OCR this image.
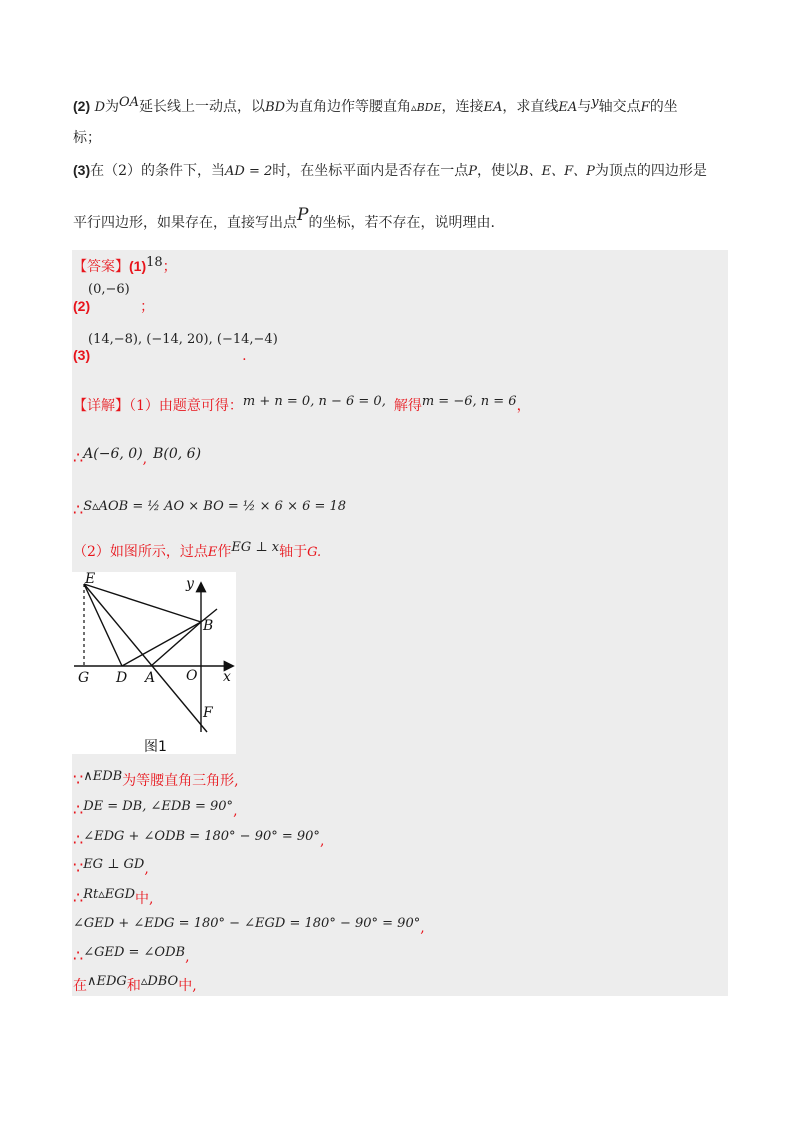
(2) D为OA延长线上一动点，以BD为直角边作等腰直角▵BDE，连接EA，求直线EA与y轴交点F的坐
标；
(3)在（2）的条件下，当AD = 2时，在坐标平面内是否存在一点P，使以B、E、F、P为顶点的四边形是
平行四边形，如果存在，直接写出点P的坐标，若不存在，说明理由.
【答案】(1)18；
(0,−6)
(2)	；
(14,−8), (−14, 20), (−14,−4)
(3)	.
【详解】（1）由题意可得：m + n = 0, n − 6 = 0, 解得m = −6, n = 6，
∴A(−6, 0), B(0, 6)
∴S▵AOB = ½ AO × BO = ½ × 6 × 6 = 18
（2）如图所示，过点E作EG ⊥ x轴于G.
E	y
B
G D A O x
F
图1
∵∧EDB为等腰直角三角形,
∴DE = DB, ∠EDB = 90°,
∴∠EDG + ∠ODB = 180° − 90° = 90°,
∵EG ⊥ GD,
∴Rt▵EGD中,
∠GED + ∠EDG = 180° − ∠EGD = 180° − 90° = 90°,
∴∠GED = ∠ODB,
在∧EDG和▵DBO中,
